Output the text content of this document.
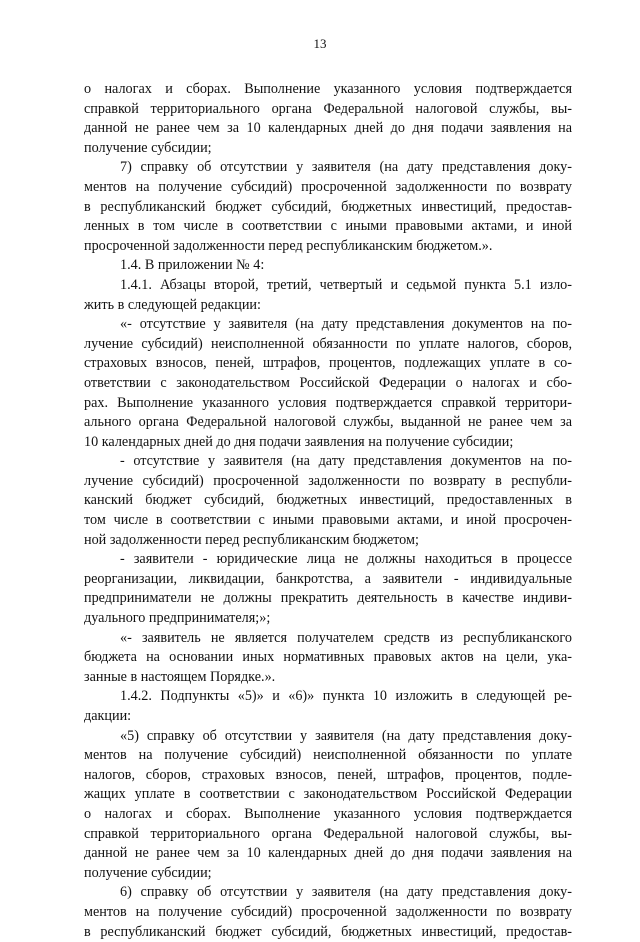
13
о налогах и сборах. Выполнение указанного условия подтверждается
справкой территориального органа Федеральной налоговой службы, вы-
данной не ранее чем за 10 календарных дней до дня подачи заявления на
получение субсидии;
7) справку об отсутствии у заявителя (на дату представления доку-
ментов на получение субсидий) просроченной задолженности по возврату
в республиканский бюджет субсидий, бюджетных инвестиций, предостав-
ленных в том числе в соответствии с иными правовыми актами, и иной
просроченной задолженности перед республиканским бюджетом.».
1.4. В приложении № 4:
1.4.1. Абзацы второй, третий, четвертый и седьмой пункта 5.1 изло-
жить в следующей редакции:
«- отсутствие у заявителя (на дату представления документов на по-
лучение субсидий) неисполненной обязанности по уплате налогов, сборов,
страховых взносов, пеней, штрафов, процентов, подлежащих уплате в со-
ответствии с законодательством Российской Федерации о налогах и сбо-
рах. Выполнение указанного условия подтверждается справкой территори-
ального органа Федеральной налоговой службы, выданной не ранее чем за
10 календарных дней до дня подачи заявления на получение субсидии;
- отсутствие у заявителя (на дату представления документов на по-
лучение субсидий) просроченной задолженности по возврату в республи-
канский бюджет субсидий, бюджетных инвестиций, предоставленных в
том числе в соответствии с иными правовыми актами, и иной просрочен-
ной задолженности перед республиканским бюджетом;
- заявители - юридические лица не должны находиться в процессе
реорганизации, ликвидации, банкротства, а заявители - индивидуальные
предприниматели не должны прекратить деятельность в качестве индиви-
дуального предпринимателя;»;
«- заявитель не является получателем средств из республиканского
бюджета на основании иных нормативных правовых актов на цели, ука-
занные в настоящем Порядке.».
1.4.2. Подпункты «5)» и «6)» пункта 10 изложить в следующей ре-
дакции:
«5) справку об отсутствии у заявителя (на дату представления доку-
ментов на получение субсидий) неисполненной обязанности по уплате
налогов, сборов, страховых взносов, пеней, штрафов, процентов, подле-
жащих уплате в соответствии с законодательством Российской Федерации
о налогах и сборах. Выполнение указанного условия подтверждается
справкой территориального органа Федеральной налоговой службы, вы-
данной не ранее чем за 10 календарных дней до дня подачи заявления на
получение субсидии;
6) справку об отсутствии у заявителя (на дату представления доку-
ментов на получение субсидий) просроченной задолженности по возврату
в республиканский бюджет субсидий, бюджетных инвестиций, предостав-
